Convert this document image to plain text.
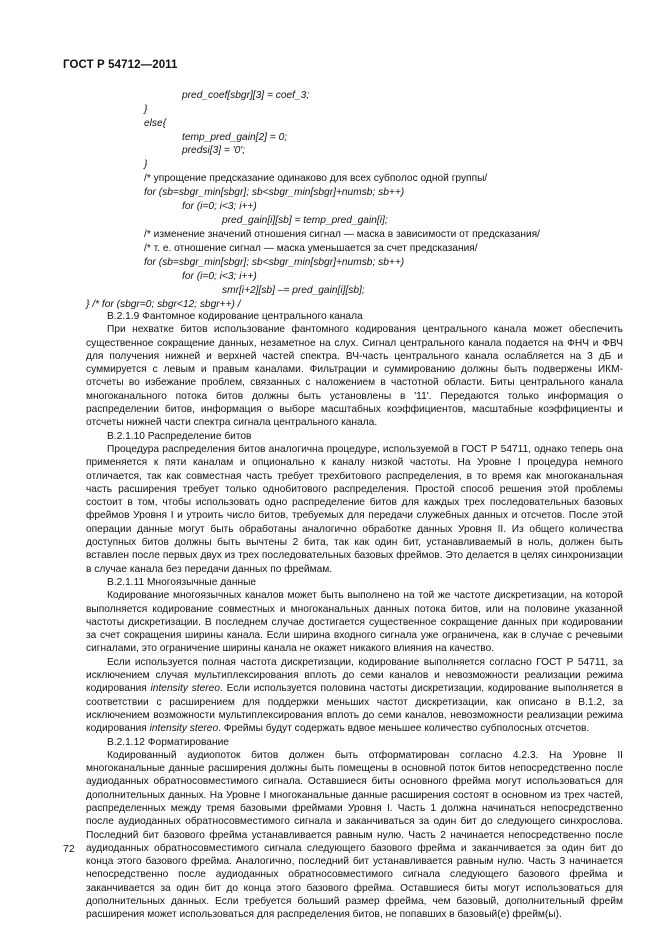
ГОСТ Р 54712—2011
pred_coef[sbgr][3] = coef_3;
}
else{
temp_pred_gain[2] = 0;
predsi[3] = '0';
}
/* упрощение предсказание одинаково для всех субполос одной группы/
for (sb=sbgr_min[sbgr]; sb<sbgr_min[sbgr]+numsb; sb++)
for (i=0; i<3; i++)
pred_gain[i][sb] = temp_pred_gain[i];
/* изменение значений отношения сигнал — маска в зависимости от предсказания/
/* т. е. отношение сигнал — маска уменьшается за счет предсказания/
for (sb=sbgr_min[sbgr]; sb<sbgr_min[sbgr]+numsb; sb++)
for (i=0; i<3; i++)
smr[i+2][sb] –= pred_gain[i][sb];
} /* for (sbgr=0; sbgr<12; sbgr++) /

В.2.1.9 Фантомное кодирование центрального канала

При нехватке битов использование фантомного кодирования центрального канала может обеспечить существенное сокращение данных, незаметное на слух. Сигнал центрального канала подается на ФНЧ и ФВЧ для получения нижней и верхней частей спектра. ВЧ-часть центрального канала ослабляется на 3 дБ и суммируется с левым и правым каналами. Фильтрации и суммированию должны быть подвержены ИКМ-отсчеты во избежание проблем, связанных с наложением в частотной области. Биты центрального канала многоканального потока битов должны быть установлены в '11'. Передаются только информация о распределении битов, информация о выборе масштабных коэффициентов, масштабные коэффициенты и отсчеты нижней части спектра сигнала центрального канала.

В.2.1.10 Распределение битов

Процедура распределения битов аналогична процедуре, используемой в ГОСТ Р 54711, однако теперь она применяется к пяти каналам и опционально к каналу низкой частоты. На Уровне I процедура немного отличается, так как совместная часть требует трехбитового распределения, в то время как многоканальная часть расширения требует только однобитового распределения. Простой способ решения этой проблемы состоит в том, чтобы использовать одно распределение битов для каждых трех последовательных базовых фреймов Уровня I и утроить число битов, требуемых для передачи служебных данных и отсчетов. После этой операции данные могут быть обработаны аналогично обработке данных Уровня II. Из общего количества доступных битов должны быть вычтены 2 бита, так как один бит, устанавливаемый в ноль, должен быть вставлен после первых двух из трех последовательных базовых фреймов. Это делается в целях синхронизации в случае канала без передачи данных по фреймам.

В.2.1.11 Многоязычные данные

Кодирование многоязычных каналов может быть выполнено на той же частоте дискретизации, на которой выполняется кодирование совместных и многоканальных данных потока битов, или на половине указанной частоты дискретизации. В последнем случае достигается существенное сокращение данных при кодировании за счет сокращения ширины канала. Если ширина входного сигнала уже ограничена, как в случае с речевыми сигналами, это ограничение ширины канала не окажет никакого влияния на качество.

Если используется полная частота дискретизации, кодирование выполняется согласно ГОСТ Р 54711, за исключением случая мультиплексирования вплоть до семи каналов и невозможности реализации режима кодирования intensity stereo. Если используется половина частоты дискретизации, кодирование выполняется в соответствии с расширением для поддержки меньших частот дискретизации, как описано в В.1.2, за исключением возможности мультиплексирования вплоть до семи каналов, невозможности реализации режима кодирования intensity stereo. Фреймы будут содержать вдвое меньшее количество субполосных отсчетов.

В.2.1.12 Форматирование

Кодированный аудиопоток битов должен быть отформатирован согласно 4.2.3. На Уровне II многоканальные данные расширения должны быть помещены в основной поток битов непосредственно после аудиоданных обратносовместимого сигнала. Оставшиеся биты основного фрейма могут использоваться для дополнительных данных. На Уровне I многоканальные данные расширения состоят в основном из трех частей, распределенных между тремя базовыми фреймами Уровня I. Часть 1 должна начинаться непосредственно после аудиоданных обратносовместимого сигнала и заканчиваться за один бит до следующего синхрослова. Последний бит базового фрейма устанавливается равным нулю. Часть 2 начинается непосредственно после аудиоданных обратносовместимого сигнала следующего базового фрейма и заканчивается за один бит до конца этого базового фрейма. Аналогично, последний бит устанавливается равным нулю. Часть 3 начинается непосредственно после аудиоданных обратносовместимого сигнала следующего базового фрейма и заканчивается за один бит до конца этого базового фрейма. Оставшиеся биты могут использоваться для дополнительных данных. Если требуется больший размер фрейма, чем базовый, дополнительный фрейм расширения может использоваться для распределения битов, не попавших в базовый(е) фрейм(ы).

72
